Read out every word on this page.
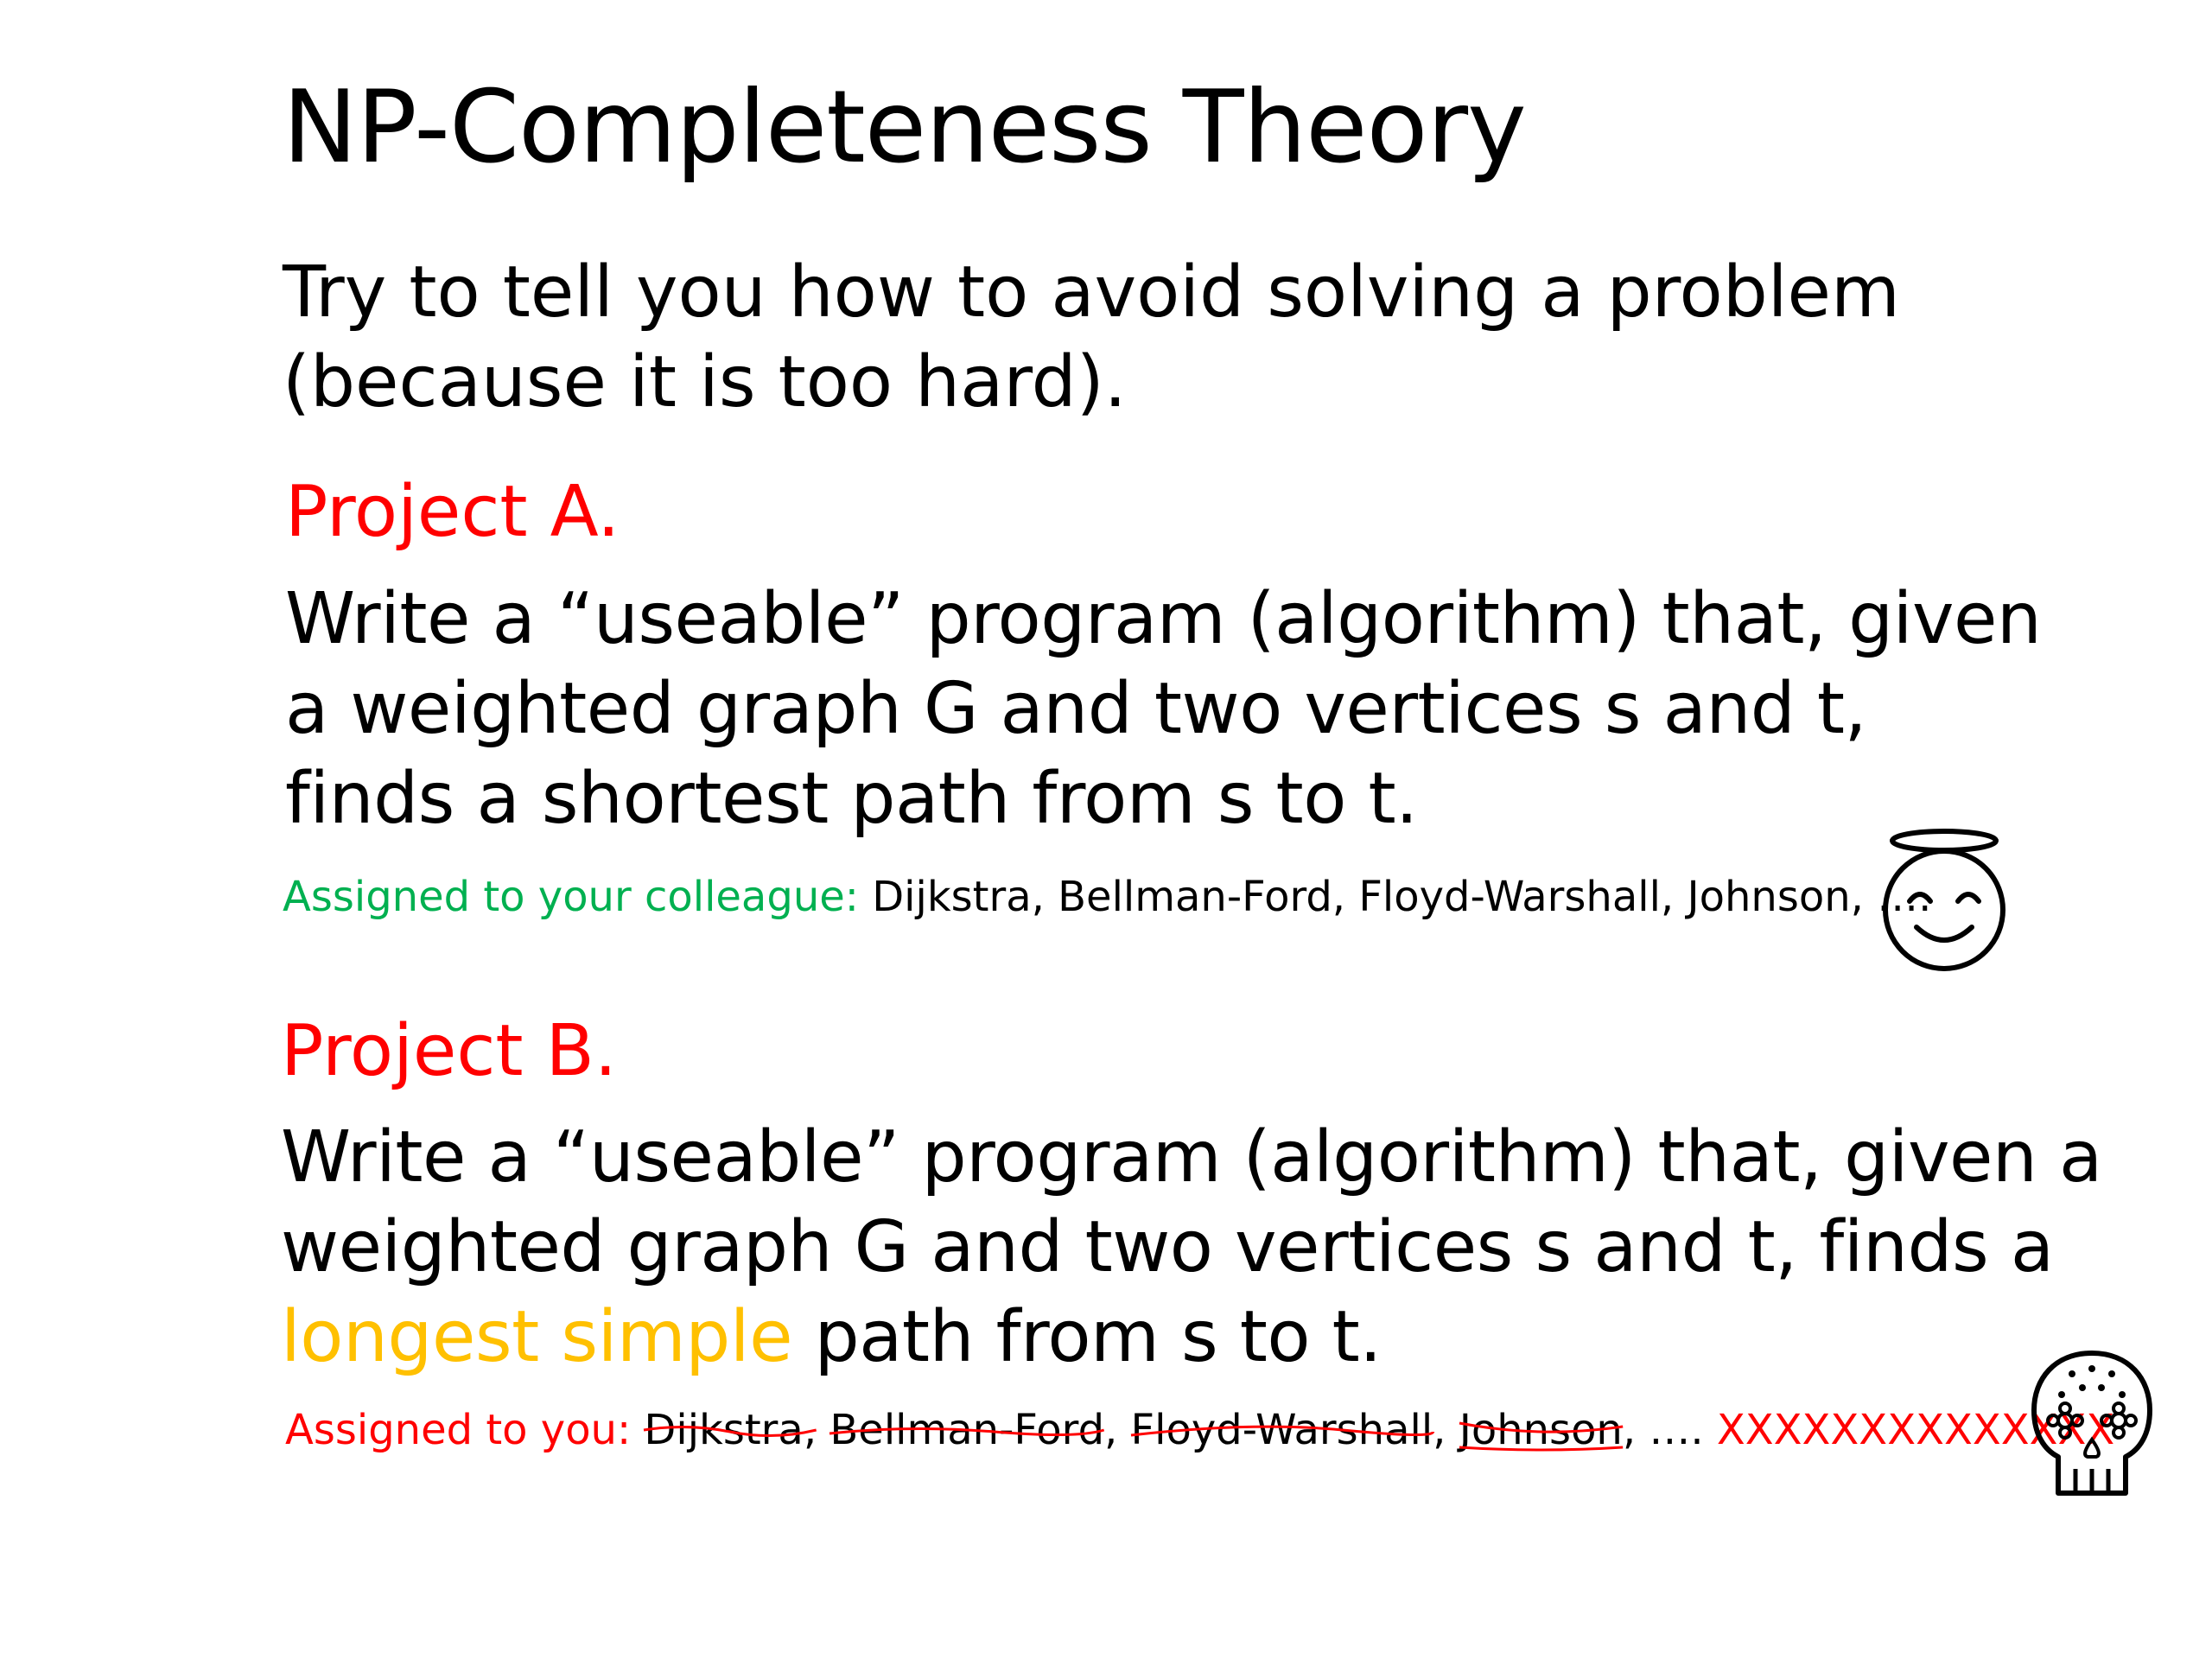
NP-Completeness Theory
Try to tell you how to avoid solving a problem
(because it is too hard).
Project A.
Write a “useable” program (algorithm) that, given
a weighted graph G and two vertices s and t,
finds a shortest path from s to t.
Assigned to your colleague: Dijkstra, Bellman-Ford, Floyd-Warshall, Johnson, ….
Project B.
Write a “useable” program (algorithm) that, given a
weighted graph G and two vertices s and t, finds a
longest simple path from s to t.
Assigned to you: Dijkstra, Bellman-Ford
, Floyd-Warshall
, Johnson
, …. XXXXXXXXXXXXXX
